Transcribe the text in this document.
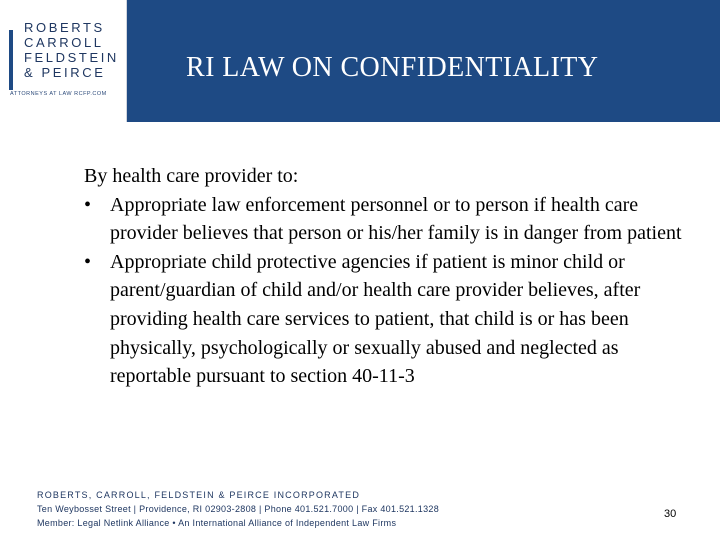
ROBERTS
CARROLL
FELDSTEIN
& PEIRCE
ATTORNEYS AT LAW RCFP.COM
RI LAW ON CONFIDENTIALITY
By health care provider to:
• Appropriate law enforcement personnel or to person if health care provider believes that person or his/her family is in danger from patient
• Appropriate child protective agencies if patient is minor child or parent/guardian of child and/or health care provider believes, after providing health care services to patient, that child is or has been physically, psychologically or sexually abused and neglected as reportable pursuant to section 40-11-3
ROBERTS, CARROLL, FELDSTEIN & PEIRCE INCORPORATED
Ten Weybosset Street | Providence, RI 02903-2808 | Phone 401.521.7000 | Fax 401.521.1328
Member: Legal Netlink Alliance • An International Alliance of Independent Law Firms
30
